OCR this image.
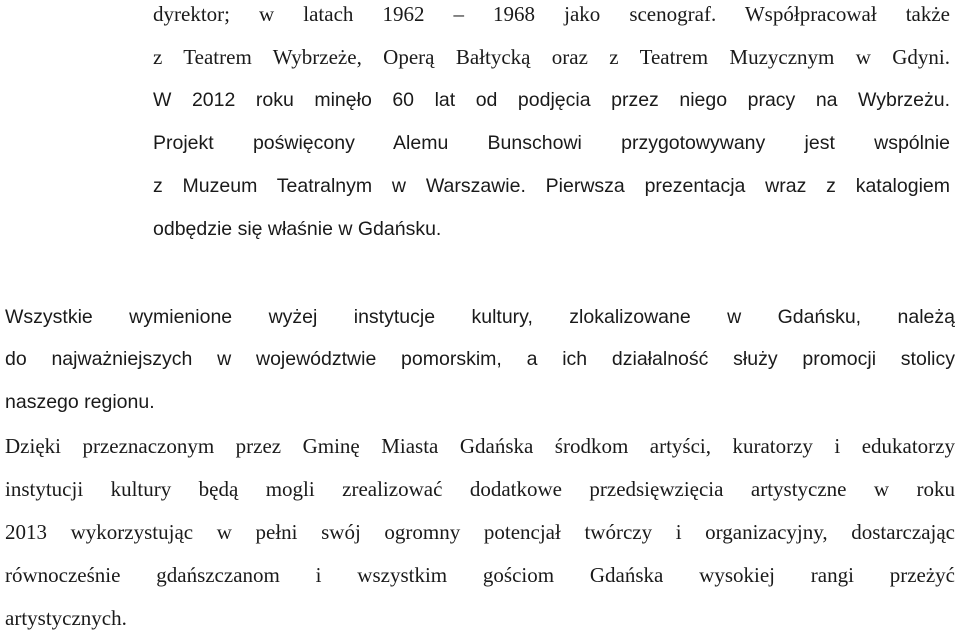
dyrektor; w latach 1962 – 1968 jako scenograf. Współpracował także

z Teatrem Wybrzeże, Operą Bałtycką oraz z Teatrem Muzycznym w Gdyni.

W 2012 roku minęło 60 lat od podjęcia przez niego pracy na Wybrzeżu.

Projekt poświęcony Alemu Bunschowi przygotowywany jest wspólnie

z Muzeum Teatralnym w Warszawie. Pierwsza prezentacja wraz z katalogiem

odbędzie się właśnie w Gdańsku.

Wszystkie wymienione wyżej instytucje kultury, zlokalizowane w Gdańsku, należą

do najważniejszych w województwie pomorskim, a ich działalność służy promocji stolicy

naszego regionu.

Dzięki przeznaczonym przez Gminę Miasta Gdańska środkom artyści, kuratorzy i edukatorzy

instytucji kultury będą mogli zrealizować dodatkowe przedsięwzięcia artystyczne w roku

2013 wykorzystując w pełni swój ogromny potencjał twórczy i organizacyjny, dostarczając

równocześnie gdańszczanom i wszystkim gościom Gdańska wysokiej rangi przeżyć

artystycznych.
